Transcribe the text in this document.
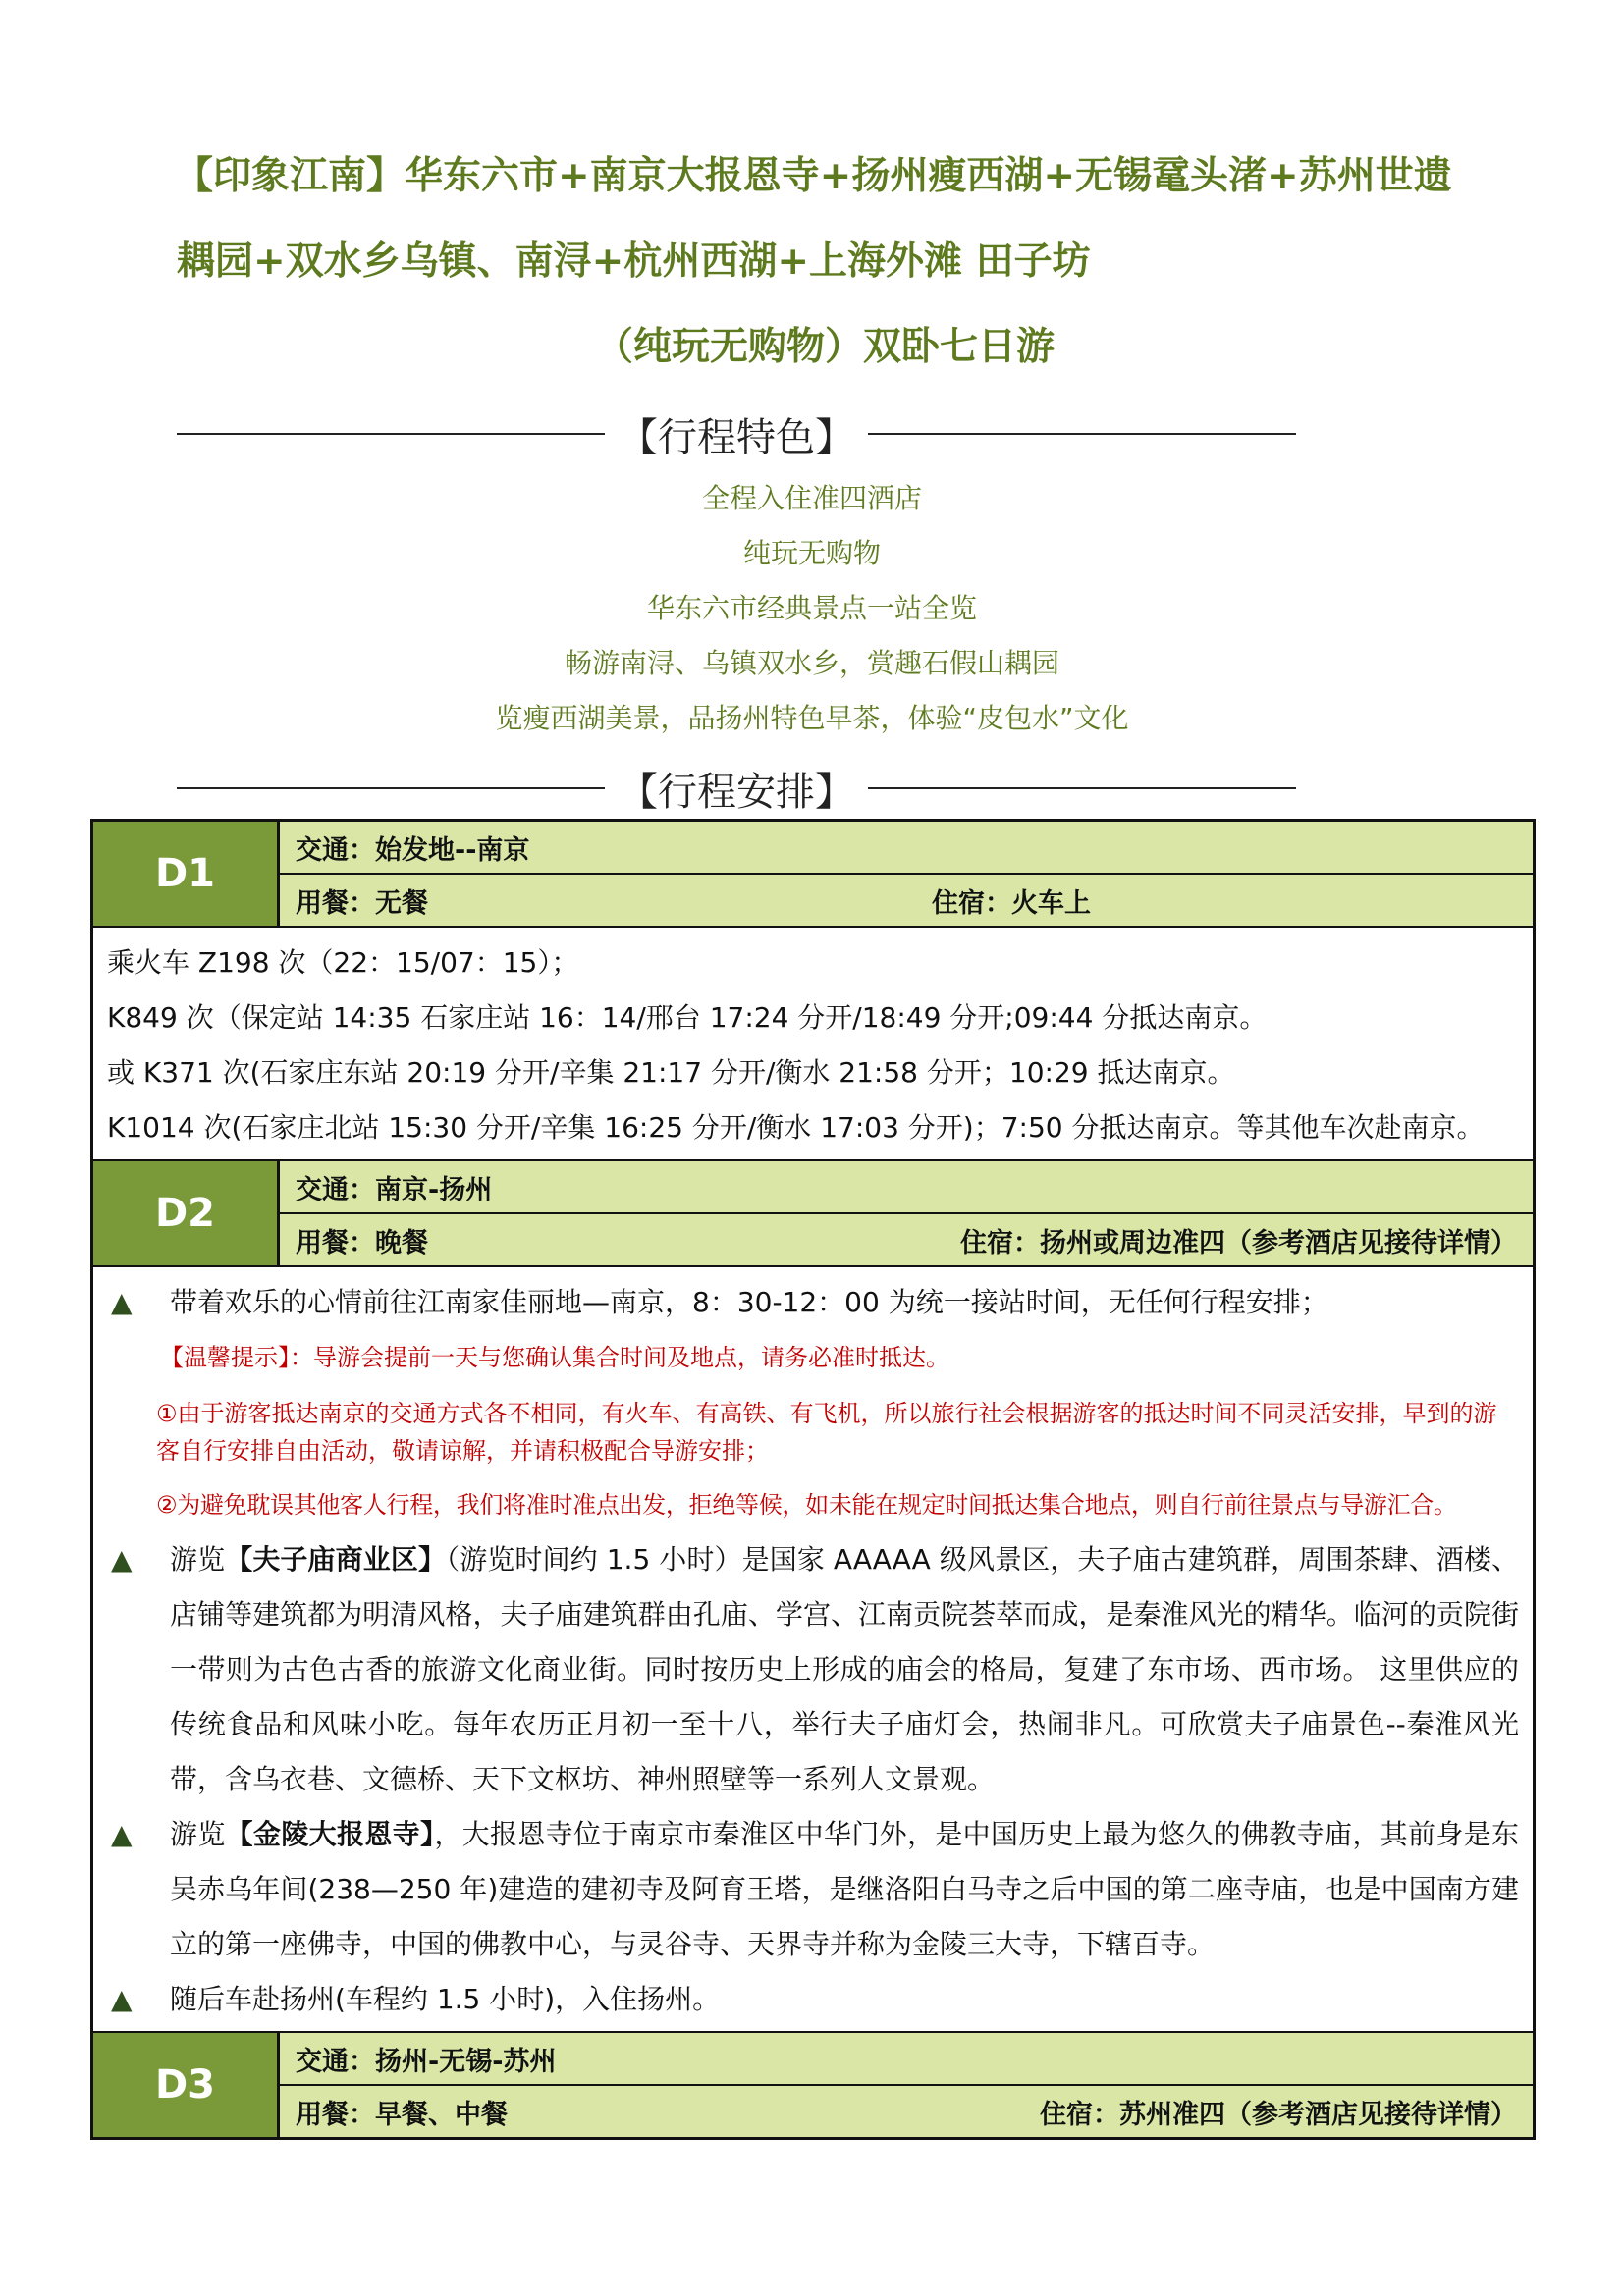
【印象江南】华东六市+南京大报恩寺+扬州瘦西湖+无锡鼋头渚+苏州世遗
耦园+双水乡乌镇、南浔+杭州西湖+上海外滩 田子坊
（纯玩无购物）双卧七日游
【行程特色】
全程入住准四酒店
纯玩无购物
华东六市经典景点一站全览
畅游南浔、乌镇双水乡，赏趣石假山耦园
览瘦西湖美景，品扬州特色早茶，体验“皮包水”文化
【行程安排】
D1
交通：始发地--南京
用餐：无餐	住宿：火车上
乘火车 Z198 次（22：15/07：15）；
K849 次（保定站 14:35 石家庄站 16：14/邢台 17:24 分开/18:49 分开;09:44 分抵达南京。
或 K371 次(石家庄东站 20:19 分开/辛集 21:17 分开/衡水 21:58 分开；10:29 抵达南京。
K1014 次(石家庄北站 15:30 分开/辛集 16:25 分开/衡水 17:03 分开)；7:50 分抵达南京。等其他车次赴南京。
D2
交通：南京-扬州
用餐：晚餐	住宿：扬州或周边准四（参考酒店见接待详情）
▲	带着欢乐的心情前往江南家佳丽地—南京，8：30-12：00 为统一接站时间，无任何行程安排；
【温馨提示】：导游会提前一天与您确认集合时间及地点，请务必准时抵达。
①由于游客抵达南京的交通方式各不相同，有火车、有高铁、有飞机，所以旅行社会根据游客的抵达时间不同灵活安排，早到的游客自行安排自由活动，敬请谅解，并请积极配合导游安排；
②为避免耽误其他客人行程，我们将准时准点出发，拒绝等候，如未能在规定时间抵达集合地点，则自行前往景点与导游汇合。
▲	游览【夫子庙商业区】（游览时间约 1.5 小时）是国家 AAAAA 级风景区，夫子庙古建筑群，周围茶肆、酒楼、店铺等建筑都为明清风格，夫子庙建筑群由孔庙、学宫、江南贡院荟萃而成，是秦淮风光的精华。临河的贡院街一带则为古色古香的旅游文化商业街。同时按历史上形成的庙会的格局，复建了东市场、西市场。 这里供应的传统食品和风味小吃。每年农历正月初一至十八，举行夫子庙灯会，热闹非凡。可欣赏夫子庙景色--秦淮风光带，含乌衣巷、文德桥、天下文枢坊、神州照壁等一系列人文景观。
▲	游览【金陵大报恩寺】，大报恩寺位于南京市秦淮区中华门外，是中国历史上最为悠久的佛教寺庙，其前身是东吴赤乌年间(238—250 年)建造的建初寺及阿育王塔，是继洛阳白马寺之后中国的第二座寺庙，也是中国南方建立的第一座佛寺，中国的佛教中心，与灵谷寺、天界寺并称为金陵三大寺，下辖百寺。
▲	随后车赴扬州(车程约 1.5 小时)，入住扬州。
D3
交通：扬州-无锡-苏州
用餐：早餐、中餐	住宿：苏州准四（参考酒店见接待详情）
